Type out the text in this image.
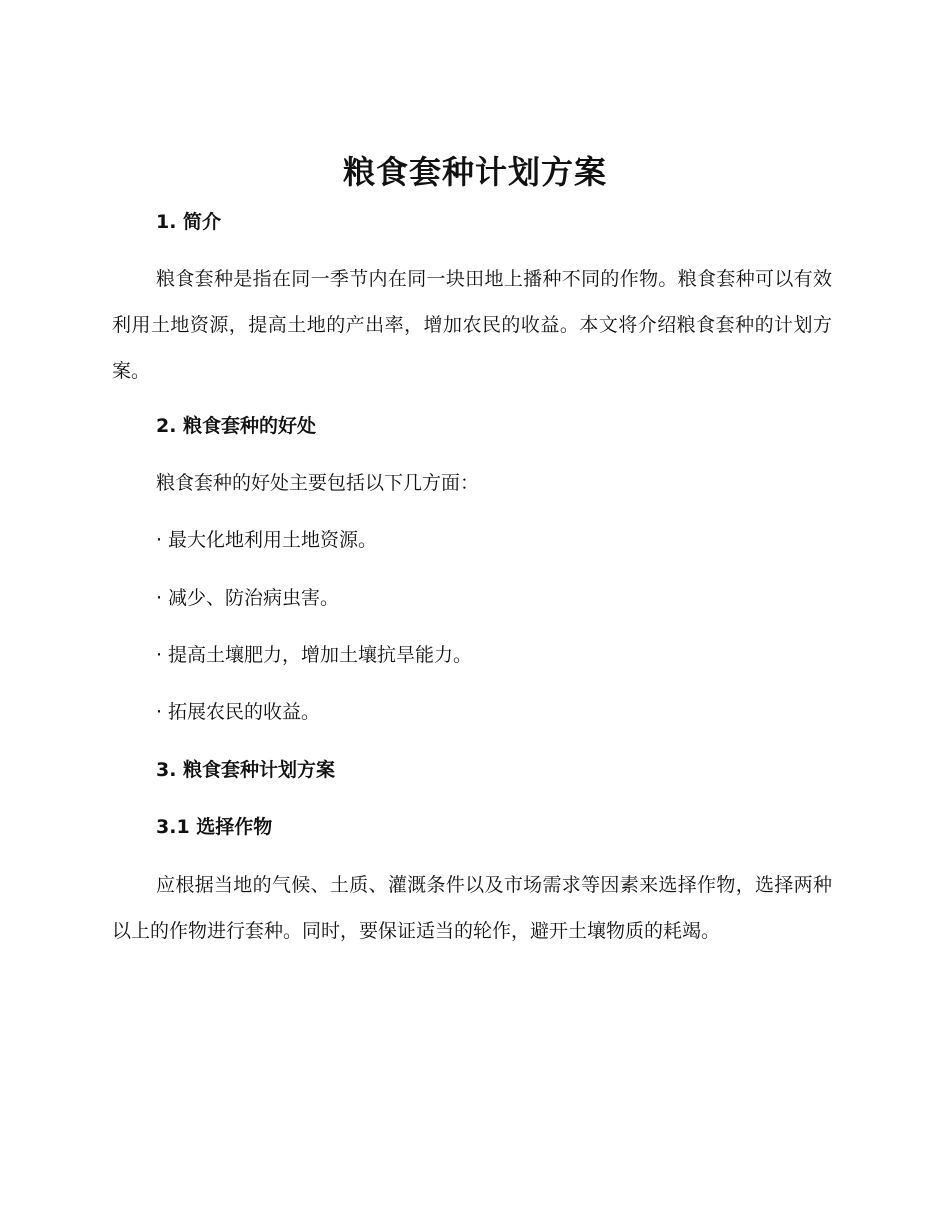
粮食套种计划方案
1. 简介
粮食套种是指在同一季节内在同一块田地上播种不同的作物。粮食套种可以有效利用土地资源，提高土地的产出率，增加农民的收益。本文将介绍粮食套种的计划方案。
2. 粮食套种的好处
粮食套种的好处主要包括以下几方面：
· 最大化地利用土地资源。
· 减少、防治病虫害。
· 提高土壤肥力，增加土壤抗旱能力。
· 拓展农民的收益。
3. 粮食套种计划方案
3.1 选择作物
应根据当地的气候、土质、灌溉条件以及市场需求等因素来选择作物，选择两种以上的作物进行套种。同时，要保证适当的轮作，避开土壤物质的耗竭。
